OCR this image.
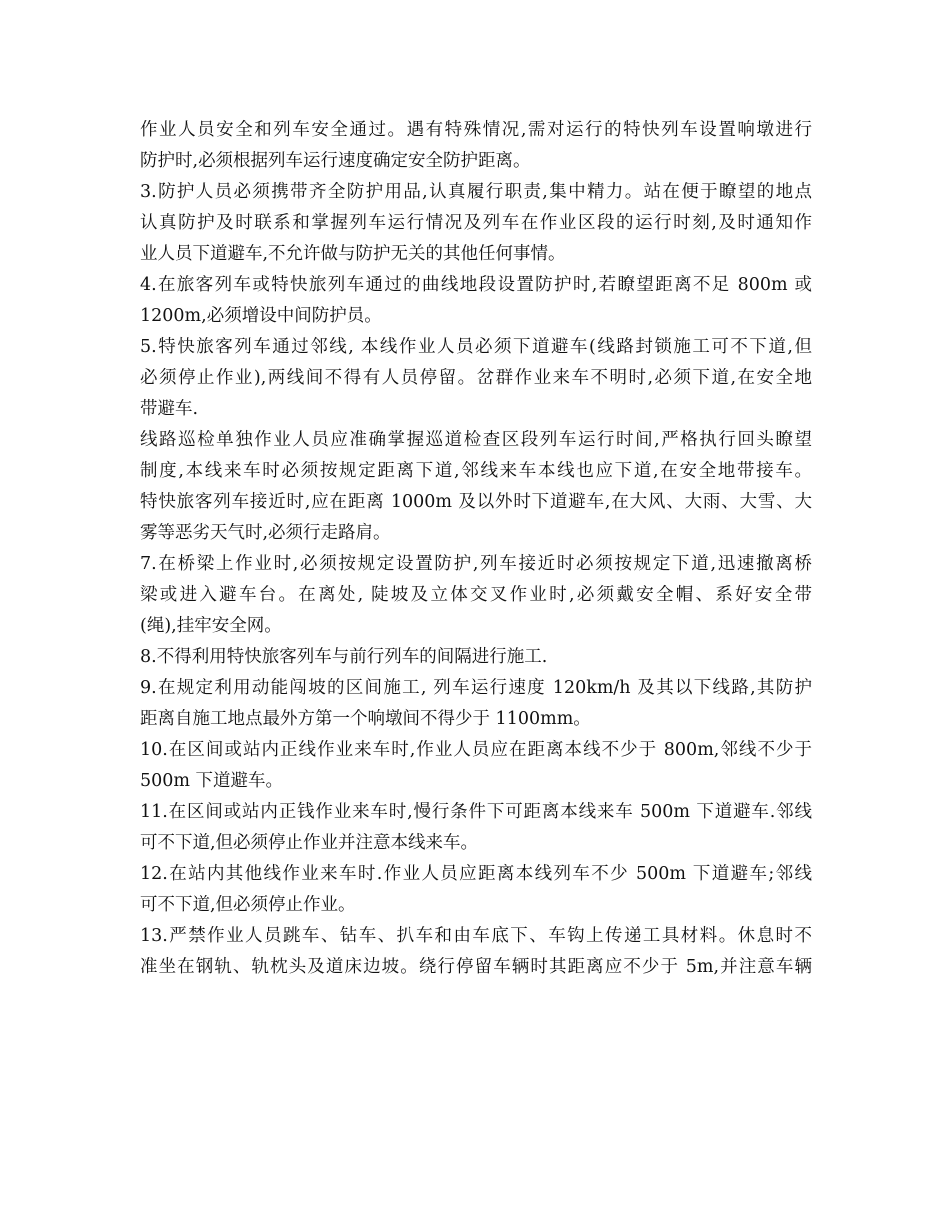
作业人员安全和列车安全通过。遇有特殊情况,需对运行的特快列车设置响墩进行
防护时,必须根据列车运行速度确定安全防护距离。
3.防护人员必须携带齐全防护用品,认真履行职责,集中精力。站在便于瞭望的地点
认真防护及时联系和掌握列车运行情况及列车在作业区段的运行时刻,及时通知作
业人员下道避车,不允许做与防护无关的其他任何事情。
4.在旅客列车或特快旅列车通过的曲线地段设置防护时,若瞭望距离不足 800m 或
1200m,必须增设中间防护员。
5.特快旅客列车通过邻线, 本线作业人员必须下道避车(线路封锁施工可不下道,但
必须停止作业),两线间不得有人员停留。岔群作业来车不明时,必须下道,在安全地
带避车.
线路巡检单独作业人员应准确掌握巡道检查区段列车运行时间,严格执行回头瞭望
制度,本线来车时必须按规定距离下道,邻线来车本线也应下道,在安全地带接车。
特快旅客列车接近时,应在距离 1000m 及以外时下道避车,在大风、大雨、大雪、大
雾等恶劣天气时,必须行走路肩。
7.在桥梁上作业时,必须按规定设置防护,列车接近时必须按规定下道,迅速撤离桥
梁或进入避车台。在离处, 陡坡及立体交叉作业时,必须戴安全帽、系好安全带
(绳),挂牢安全网。
8.不得利用特快旅客列车与前行列车的间隔进行施工.
9.在规定利用动能闯坡的区间施工, 列车运行速度 120km/h 及其以下线路,其防护
距离自施工地点最外方第一个响墩间不得少于 1100mm。
10.在区间或站内正线作业来车时,作业人员应在距离本线不少于 800m,邻线不少于
500m 下道避车。
11.在区间或站内正钱作业来车时,慢行条件下可距离本线来车 500m 下道避车.邻线
可不下道,但必须停止作业并注意本线来车。
12.在站内其他线作业来车时.作业人员应距离本线列车不少 500m 下道避车;邻线
可不下道,但必须停止作业。
13.严禁作业人员跳车、钻车、扒车和由车底下、车钩上传递工具材料。休息时不
准坐在钢轨、轨枕头及道床边坡。绕行停留车辆时其距离应不少于 5m,并注意车辆
